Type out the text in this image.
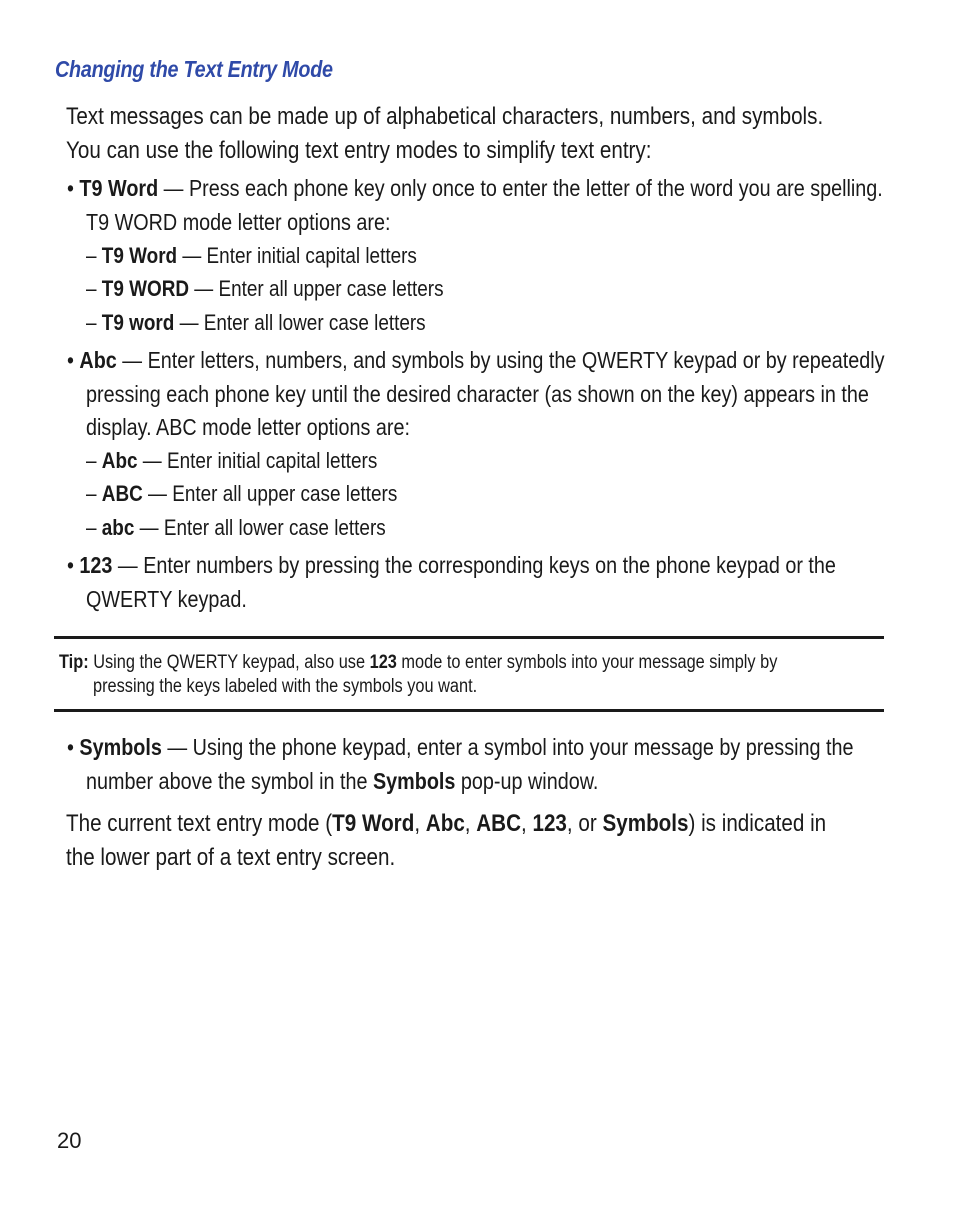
Changing the Text Entry Mode
Text messages can be made up of alphabetical characters, numbers, and symbols.
You can use the following text entry modes to simplify text entry:
• T9 Word — Press each phone key only once to enter the letter of the word you are spelling.
T9 WORD mode letter options are:
– T9 Word — Enter initial capital letters
– T9 WORD — Enter all upper case letters
– T9 word — Enter all lower case letters
• Abc — Enter letters, numbers, and symbols by using the QWERTY keypad or by repeatedly
pressing each phone key until the desired character (as shown on the key) appears in the
display. ABC mode letter options are:
– Abc — Enter initial capital letters
– ABC — Enter all upper case letters
– abc — Enter all lower case letters
• 123 — Enter numbers by pressing the corresponding keys on the phone keypad or the
QWERTY keypad.
Tip: Using the QWERTY keypad, also use 123 mode to enter symbols into your message simply by
pressing the keys labeled with the symbols you want.
• Symbols — Using the phone keypad, enter a symbol into your message by pressing the
number above the symbol in the Symbols pop-up window.
The current text entry mode (T9 Word, Abc, ABC, 123, or Symbols) is indicated in
the lower part of a text entry screen.
20
